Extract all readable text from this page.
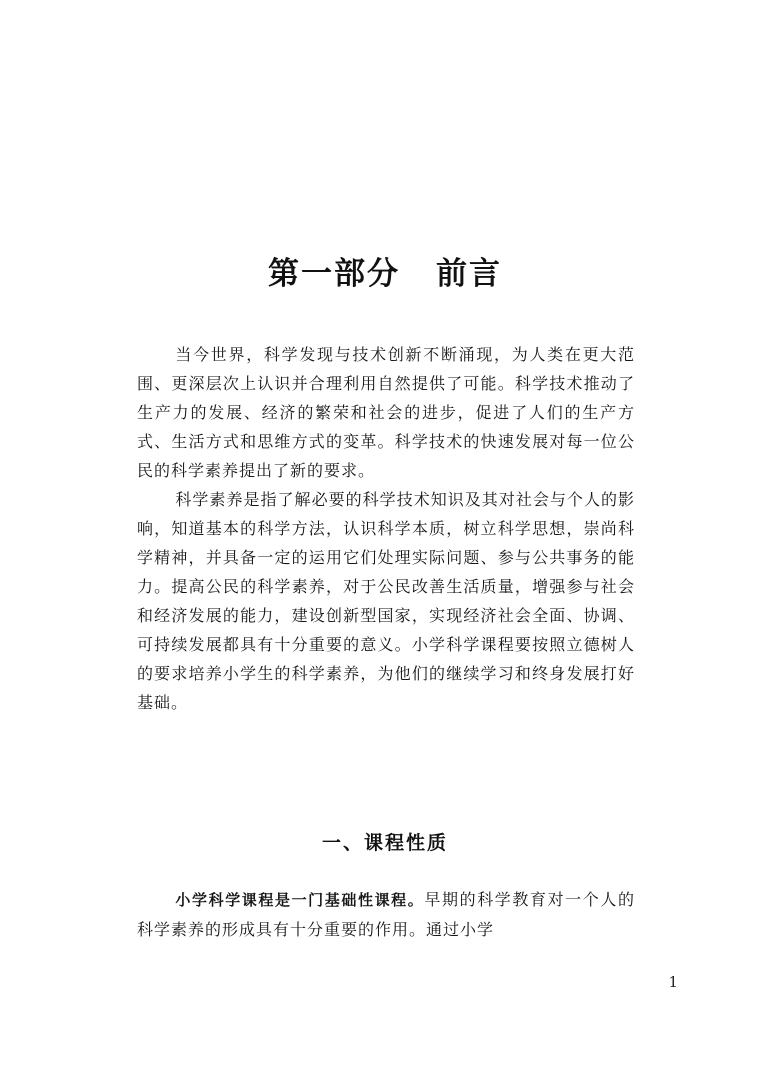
第一部分 前言

当今世界，科学发现与技术创新不断涌现，为人类在更大范围、更深层次上认识并合理利用自然提供了可能。科学技术推动了生产力的发展、经济的繁荣和社会的进步，促进了人们的生产方式、生活方式和思维方式的变革。科学技术的快速发展对每一位公民的科学素养提出了新的要求。

科学素养是指了解必要的科学技术知识及其对社会与个人的影响，知道基本的科学方法，认识科学本质，树立科学思想，崇尚科学精神，并具备一定的运用它们处理实际问题、参与公共事务的能力。提高公民的科学素养，对于公民改善生活质量，增强参与社会和经济发展的能力，建设创新型国家，实现经济社会全面、协调、可持续发展都具有十分重要的意义。小学科学课程要按照立德树人的要求培养小学生的科学素养，为他们的继续学习和终身发展打好基础。

一、课程性质

小学科学课程是一门基础性课程。早期的科学教育对一个人的科学素养的形成具有十分重要的作用。通过小学

1
